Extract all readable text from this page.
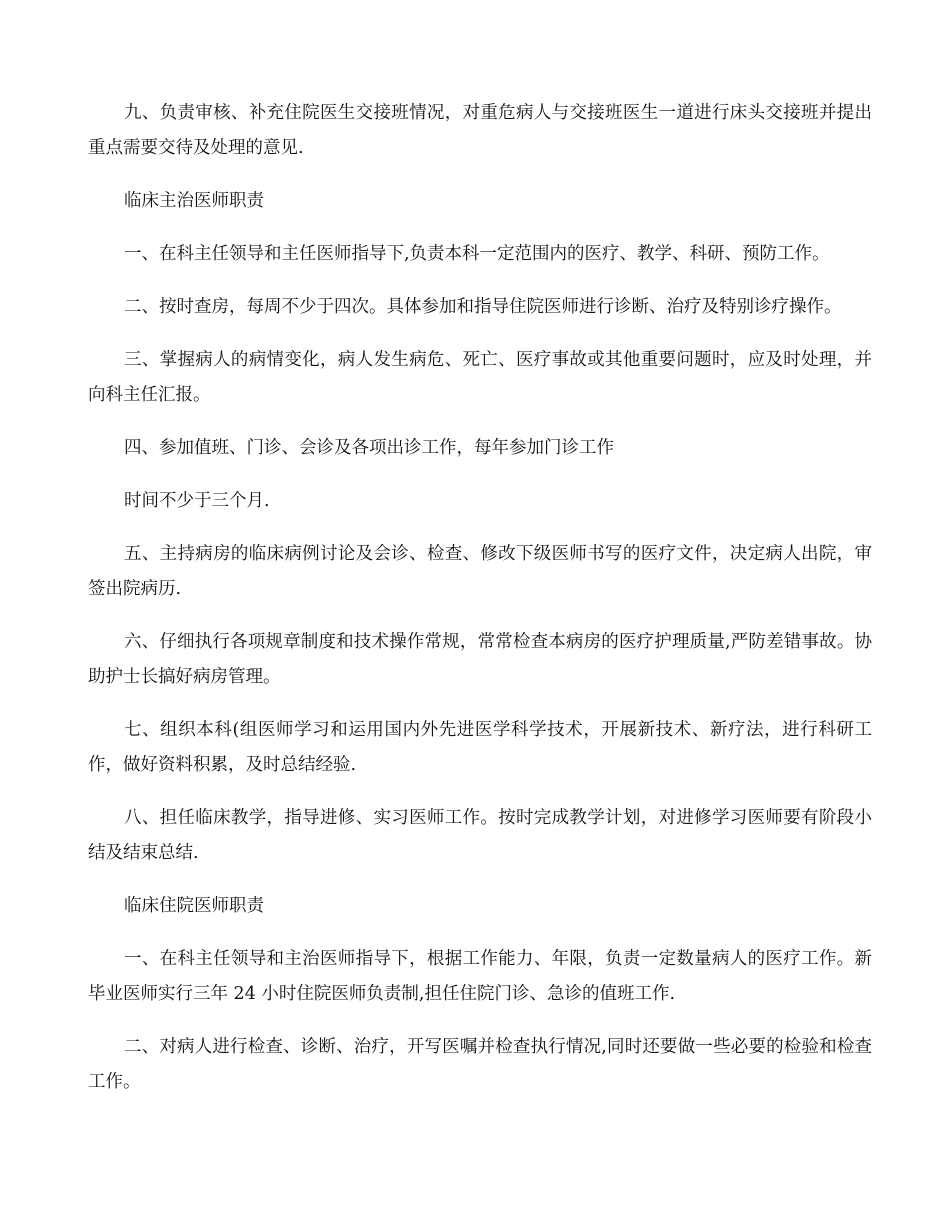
九、负责审核、补充住院医生交接班情况，对重危病人与交接班医生一道进行床头交接班并提出重点需要交待及处理的意见.

临床主治医师职责

一、在科主任领导和主任医师指导下,负责本科一定范围内的医疗、教学、科研、预防工作。

二、按时查房，每周不少于四次。具体参加和指导住院医师进行诊断、治疗及特别诊疗操作。

三、掌握病人的病情变化，病人发生病危、死亡、医疗事故或其他重要问题时，应及时处理，并向科主任汇报。

四、参加值班、门诊、会诊及各项出诊工作，每年参加门诊工作

时间不少于三个月.

五、主持病房的临床病例讨论及会诊、检查、修改下级医师书写的医疗文件，决定病人出院，审签出院病历.

六、仔细执行各项规章制度和技术操作常规，常常检查本病房的医疗护理质量,严防差错事故。协助护士长搞好病房管理。

七、组织本科(组医师学习和运用国内外先进医学科学技术，开展新技术、新疗法，进行科研工作，做好资料积累，及时总结经验.

八、担任临床教学，指导进修、实习医师工作。按时完成教学计划，对进修学习医师要有阶段小结及结束总结.

临床住院医师职责

一、在科主任领导和主治医师指导下，根据工作能力、年限，负责一定数量病人的医疗工作。新毕业医师实行三年 24 小时住院医师负责制,担任住院门诊、急诊的值班工作.

二、对病人进行检查、诊断、治疗，开写医嘱并检查执行情况,同时还要做一些必要的检验和检查工作。
